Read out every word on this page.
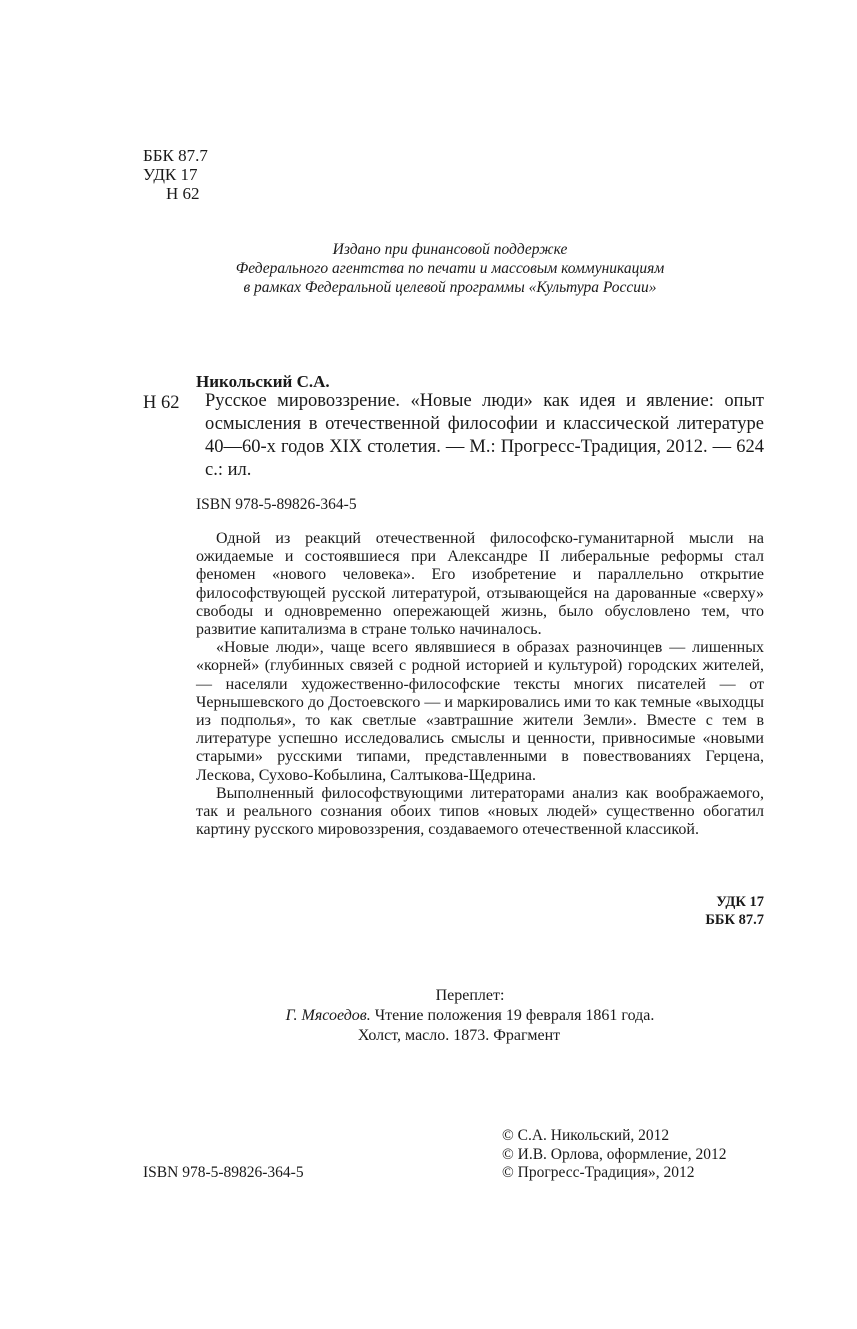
ББК 87.7
УДК 17
Н 62
Издано при финансовой поддержке
Федерального агентства по печати и массовым коммуникациям
в рамках Федеральной целевой программы «Культура России»
Никольский С.А.
Н 62 Русское мировоззрение. «Новые люди» как идея и явление: опыт осмысления в отечественной философии и классической литературе 40—60-х годов XIX столетия. — М.: Прогресс-Традиция, 2012. — 624 с.: ил.
ISBN 978-5-89826-364-5

Одной из реакций отечественной философско-гуманитарной мысли на ожидаемые и состоявшиеся при Александре II либеральные реформы стал феномен «нового человека». Его изобретение и параллельно открытие философствующей русской литературой, отзывающейся на дарованные «сверху» свободы и одновременно опережающей жизнь, было обусловлено тем, что развитие капитализма в стране только начиналось.

«Новые люди», чаще всего являвшиеся в образах разночинцев — лишенных «корней» (глубинных связей с родной историей и культурой) городских жителей, — населяли художественно-философские тексты многих писателей — от Чернышевского до Достоевского — и маркировались ими то как темные «выходцы из подполья», то как светлые «завтрашние жители Земли». Вместе с тем в литературе успешно исследовались смыслы и ценности, привносимые «новыми старыми» русскими типами, представленными в повествованиях Герцена, Лескова, Сухово-Кобылина, Салтыкова-Щедрина.

Выполненный философствующими литераторами анализ как воображаемого, так и реального сознания обоих типов «новых людей» существенно обогатил картину русского мировоззрения, создаваемого отечественной классикой.

УДК 17
ББК 87.7
Переплет:
Г. Мясоедов. Чтение положения 19 февраля 1861 года.
Холст, масло. 1873. Фрагмент
ISBN 978-5-89826-364-5
© С.А. Никольский, 2012
© И.В. Орлова, оформление, 2012
© Прогресс-Традиция», 2012
